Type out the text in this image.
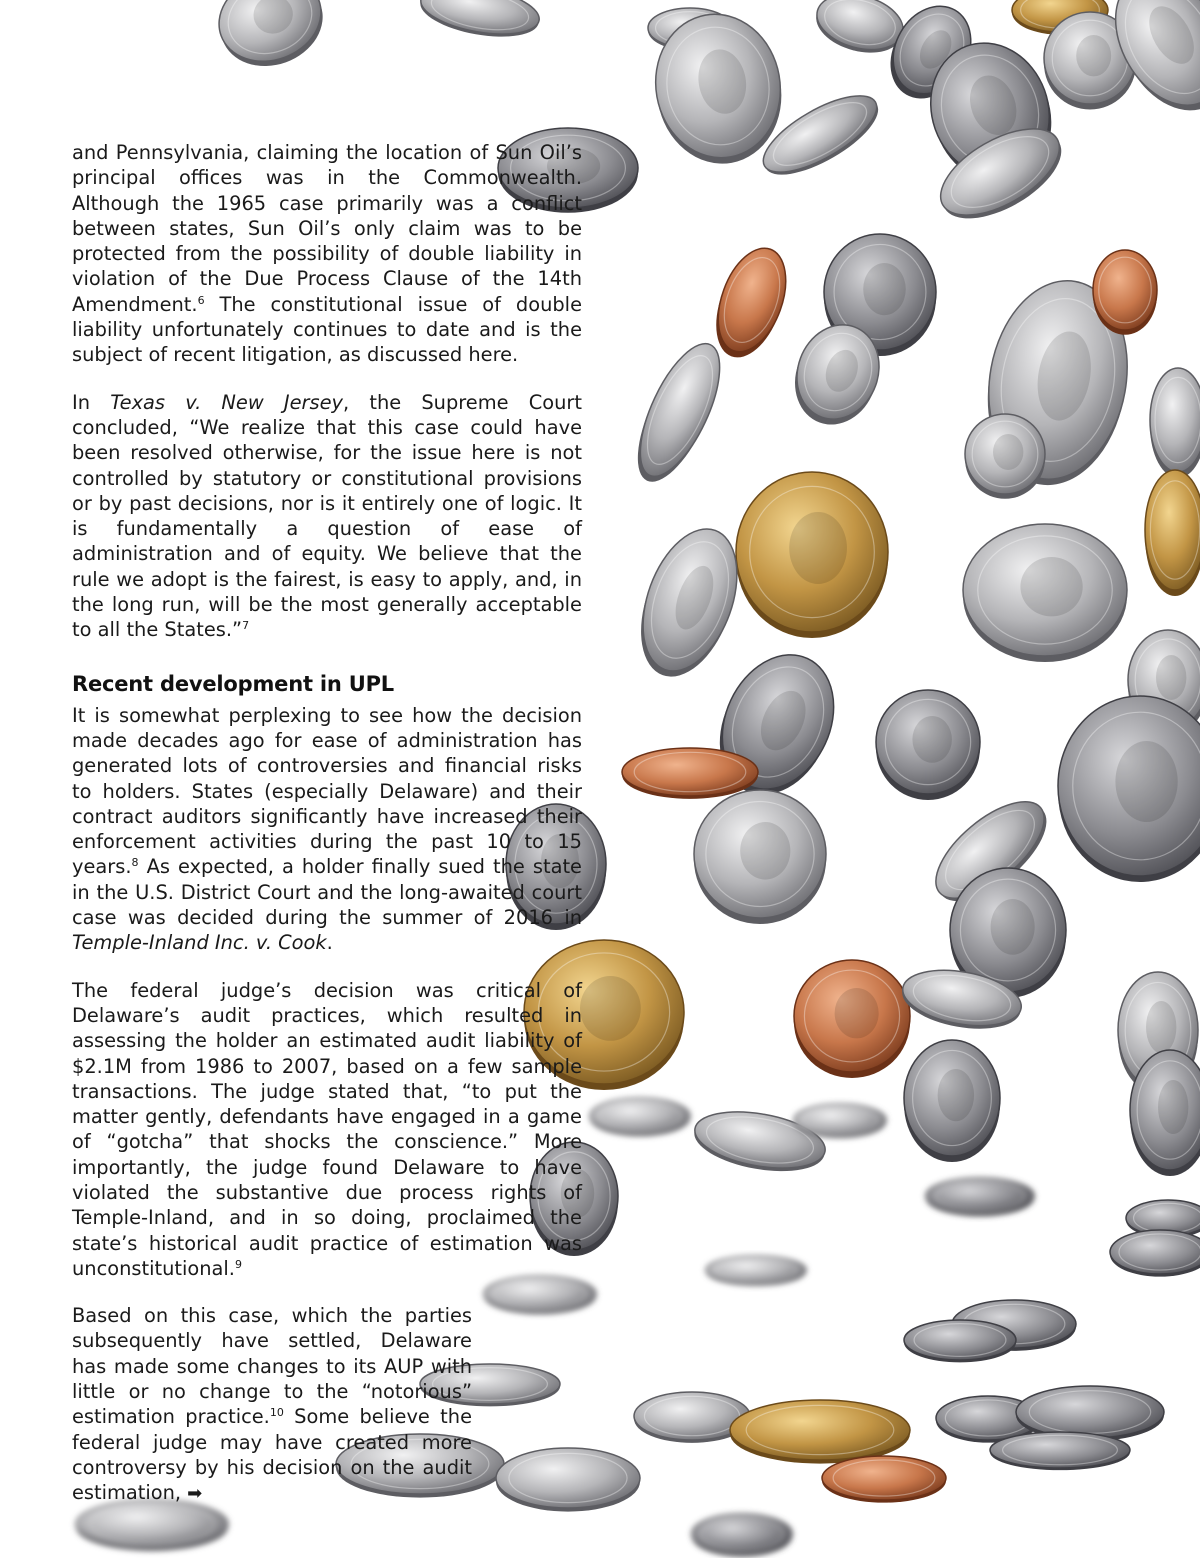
and Pennsylvania, claiming the location of Sun Oil’s principal offices was in the Commonwealth. Although the 1965 case primarily was a conflict between states, Sun Oil’s only claim was to be protected from the possibility of double liability in violation of the Due Process Clause of the 14th Amendment.$^6$ The constitutional issue of double liability unfortunately continues to date and is the subject of recent litigation, as discussed here.

In Texas v. New Jersey, the Supreme Court concluded, “We realize that this case could have been resolved otherwise, for the issue here is not controlled by statutory or constitutional provisions or by past decisions, nor is it entirely one of logic. It is fundamentally a question of ease of administration and of equity. We believe that the rule we adopt is the fairest, is easy to apply, and, in the long run, will be the most generally acceptable to all the States.”$^7$

Recent development in UPL

It is somewhat perplexing to see how the decision made decades ago for ease of administration has generated lots of controversies and financial risks to holders. States (especially Delaware) and their contract auditors significantly have increased their enforcement activities during the past 10 to 15 years.$^8$ As expected, a holder finally sued the state in the U.S. District Court and the long-awaited court case was decided during the summer of 2016 in Temple-Inland Inc. v. Cook.

The federal judge’s decision was critical of Delaware’s audit practices, which resulted in assessing the holder an estimated audit liability of $2.1M from 1986 to 2007, based on a few sample transactions. The judge stated that, “to put the matter gently, defendants have engaged in a game of “gotcha” that shocks the conscience.” More importantly, the judge found Delaware to have violated the substantive due process rights of Temple-Inland, and in so doing, proclaimed the state’s historical audit practice of estimation was unconstitutional.$^9$

Based on this case, which the parties subsequently have settled, Delaware has made some changes to its AUP with little or no change to the “notorious” estimation practice.$^{10}$ Some believe the federal judge may have created more controversy by his decision on the audit estimation, ➡
